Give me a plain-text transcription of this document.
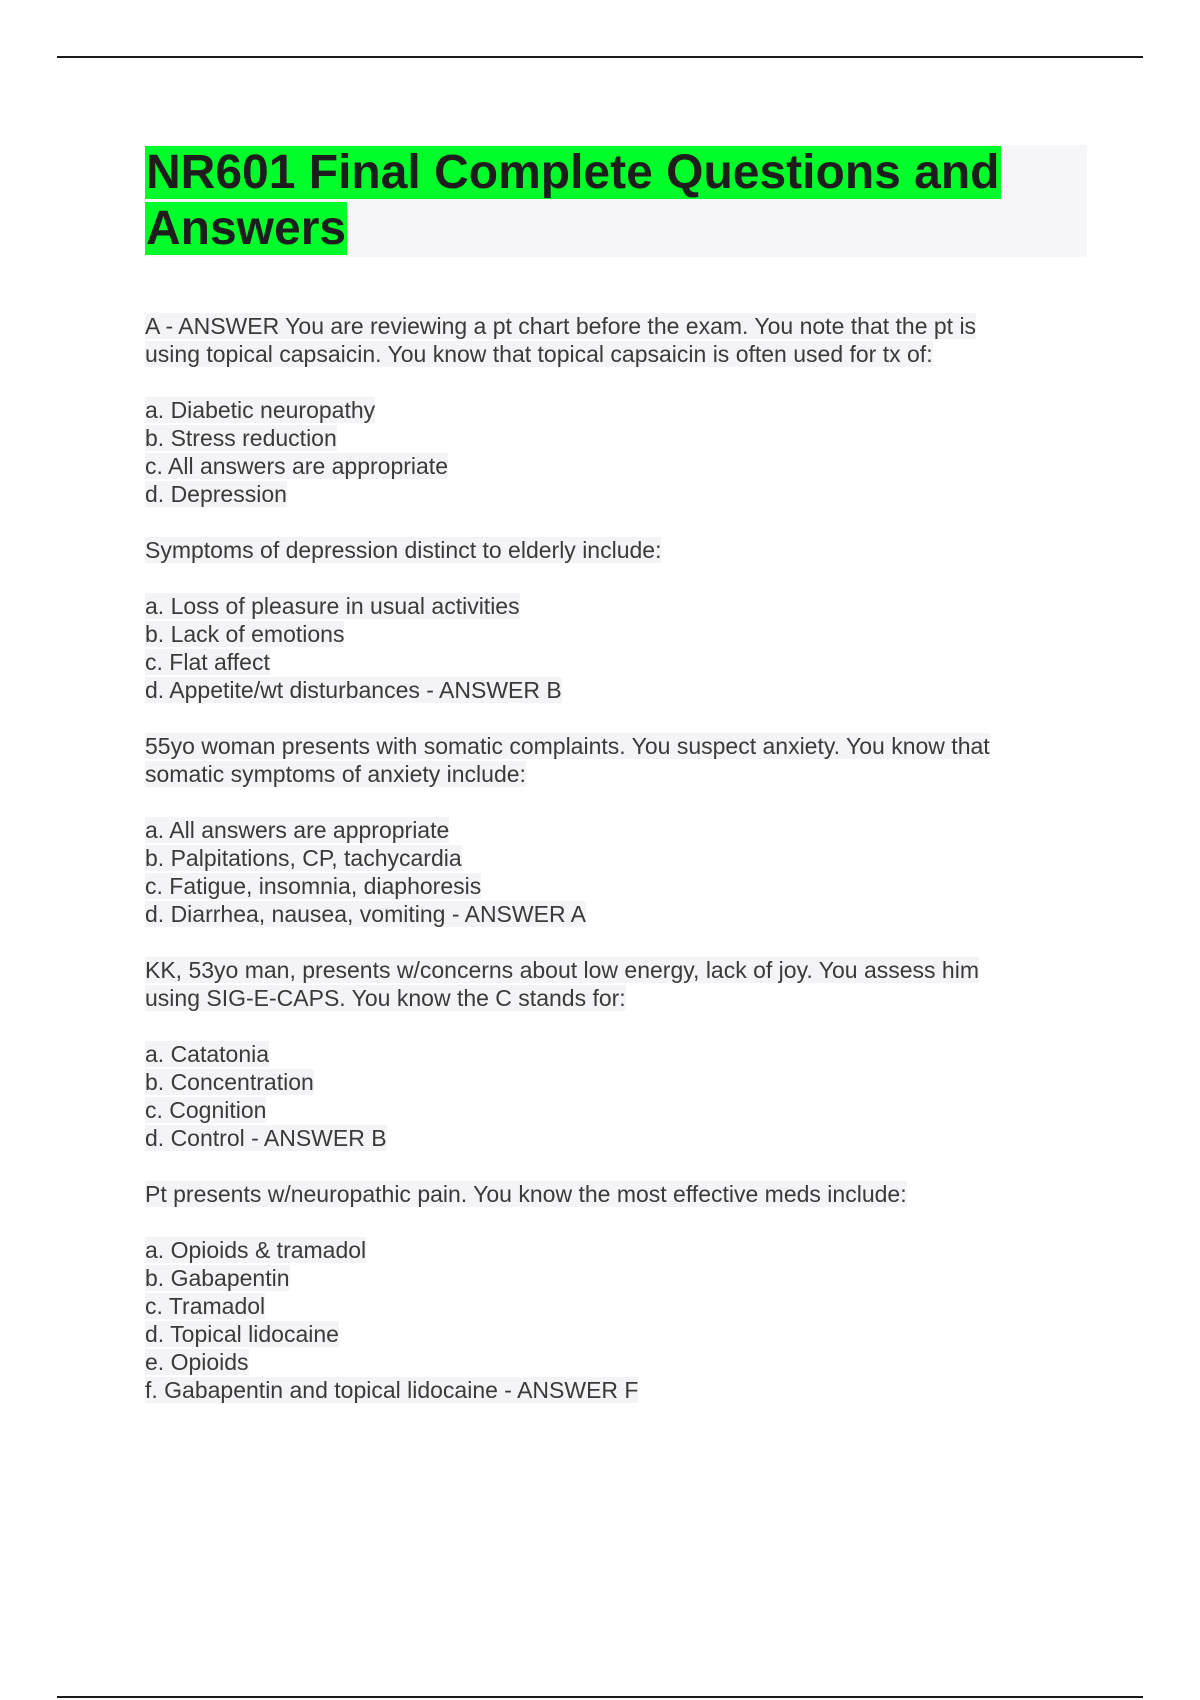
NR601 Final Complete Questions and
Answers
A - ANSWER You are reviewing a pt chart before the exam. You note that the pt is
using topical capsaicin. You know that topical capsaicin is often used for tx of:
a. Diabetic neuropathy
b. Stress reduction
c. All answers are appropriate
d. Depression
Symptoms of depression distinct to elderly include:
a. Loss of pleasure in usual activities
b. Lack of emotions
c. Flat affect
d. Appetite/wt disturbances - ANSWER B
55yo woman presents with somatic complaints. You suspect anxiety. You know that
somatic symptoms of anxiety include:
a. All answers are appropriate
b. Palpitations, CP, tachycardia
c. Fatigue, insomnia, diaphoresis
d. Diarrhea, nausea, vomiting - ANSWER A
KK, 53yo man, presents w/concerns about low energy, lack of joy. You assess him
using SIG-E-CAPS. You know the C stands for:
a. Catatonia
b. Concentration
c. Cognition
d. Control - ANSWER B
Pt presents w/neuropathic pain. You know the most effective meds include:
a. Opioids & tramadol
b. Gabapentin
c. Tramadol
d. Topical lidocaine
e. Opioids
f. Gabapentin and topical lidocaine - ANSWER F
